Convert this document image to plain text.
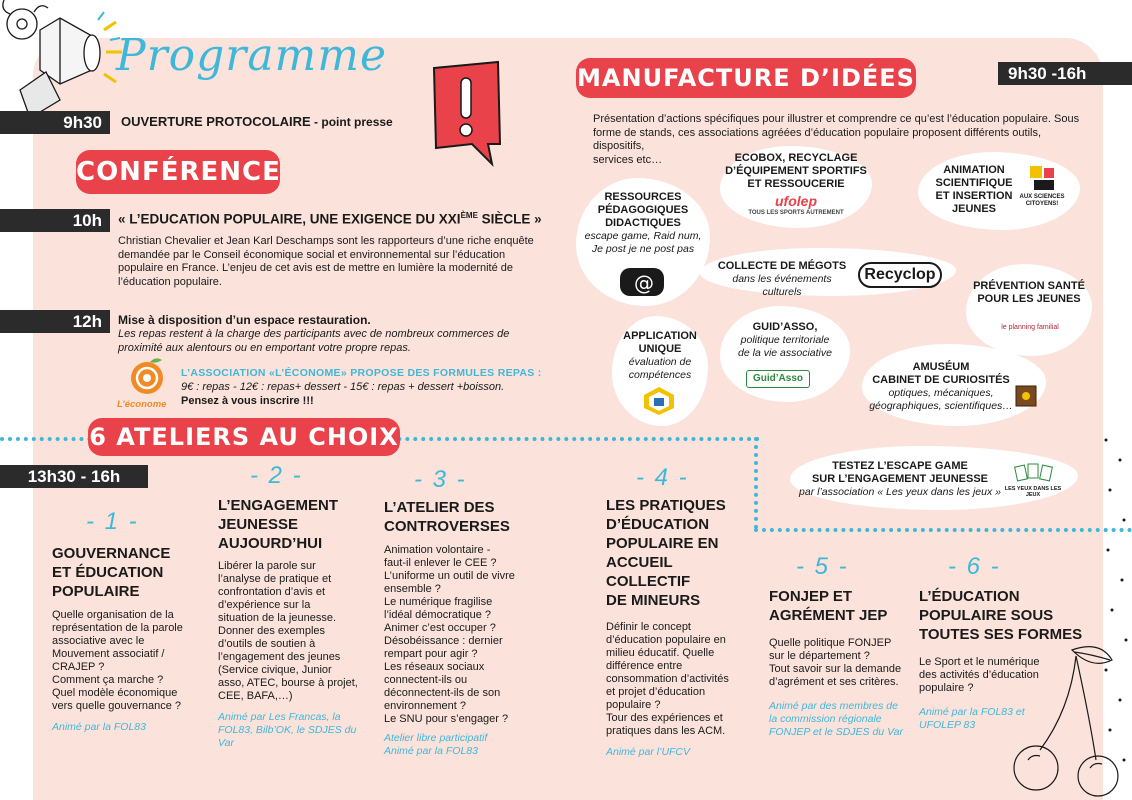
Programme
9h30	OUVERTURE PROTOCOLAIRE - point presse
CONFÉRENCE
10h	« L’EDUCATION POPULAIRE, UNE EXIGENCE DU XXIÈME SIÈCLE »
Christian Chevalier et Jean Karl Deschamps sont les rapporteurs d’une riche enquête
demandée par le Conseil économique social et environnemental sur l’éducation
populaire en France. L’enjeu de cet avis est de mettre en lumière la modernité de
l’éducation populaire.
12h	Mise à disposition d’un espace restauration.
Les repas restent à la charge des participants avec de nombreux commerces de
proximité aux alentours ou en emportant votre propre repas.
L’économe
L’ASSOCIATION «L’ÉCONOME» PROPOSE DES FORMULES REPAS :
9€ : repas - 12€ : repas+ dessert - 15€ : repas + dessert +boisson.
Pensez à vous inscrire !!!
MANUFACTURE D’IDÉES	9h30 -16h
Présentation d’actions spécifiques pour illustrer et comprendre ce qu’est l’éducation populaire. Sous
forme de stands, ces associations agréées d’éducation populaire proposent différents outils, dispositifs,
services etc…	ECOBOX, RECYCLAGE
D’ÉQUIPEMENT SPORTIFS
ET RESSOUCERIE
ufolep
TOUS LES SPORTS AUTREMENT
ANIMATION
SCIENTIFIQUE
ET INSERTION
JEUNES
AUX SCIENCES CITOYENS!
RESSOURCES
PÉDAGOGIQUES
DIDACTIQUES
escape game, Raid num,
Je post je ne post pas
@
COLLECTE DE MÉGOTS
dans les événements culturels
Recyclop
PRÉVENTION SANTÉ
POUR LES JEUNES
le planning familial
APPLICATION
UNIQUE
évaluation de
compétences
GUID’ASSO,
politique territoriale
de la vie associative
Guid’Asso
AMUSÉUM
CABINET DE CURIOSITÉS
optiques, mécaniques,
géographiques, scientifiques…
TESTEZ L’ESCAPE GAME
SUR L’ENGAGEMENT JEUNESSE
par l’association « Les yeux dans les jeux » LES YEUX DANS LES JEUX
6 ATELIERS AU CHOIX
13h30 - 16h
- 1 -
GOUVERNANCE
ET ÉDUCATION
POPULAIRE
Quelle organisation de la
représentation de la parole
associative avec le
Mouvement associatif /
CRAJEP ?
Comment ça marche ?
Quel modèle économique
vers quelle gouvernance ?
Animé par la FOL83
- 2 -
L’ENGAGEMENT
JEUNESSE
AUJOURD’HUI
Libérer la parole sur
l’analyse de pratique et
confrontation d’avis et
d’expérience sur la
situation de la jeunesse.
Donner des exemples
d’outils de soutien à
l’engagement des jeunes
(Service civique, Junior
asso, ATEC, bourse à projet,
CEE, BAFA,…)
Animé par Les Francas, la
FOL83, Bilb’OK, le SDJES du
Var
- 3 -
L’ATELIER DES
CONTROVERSES
Animation volontaire -
faut-il enlever le CEE ?
L’uniforme un outil de vivre
ensemble ?
Le numérique fragilise
l’idéal démocratique ?
Animer c’est occuper ?
Désobéissance : dernier
rempart pour agir ?
Les réseaux sociaux
connectent-ils ou
déconnectent-ils de son
environnement ?
Le SNU pour s’engager ?
Atelier libre participatif
Animé par la FOL83
- 4 -
LES PRATIQUES
D’ÉDUCATION
POPULAIRE EN
ACCUEIL
COLLECTIF
DE MINEURS
Définir le concept
d’éducation populaire en
milieu éducatif. Quelle
différence entre
consommation d’activités
et projet d’éducation
populaire ?
Tour des expériences et
pratiques dans les ACM.
Animé par l’UFCV
- 5 -
FONJEP ET
AGRÉMENT JEP
Quelle politique FONJEP
sur le département ?
Tout savoir sur la demande
d’agrément et ses critères.
Animé par des membres de
la commission régionale
FONJEP et le SDJES du Var
- 6 -
L’ÉDUCATION
POPULAIRE SOUS
TOUTES SES FORMES
Le Sport et le numérique
des activités d’éducation
populaire ?
Animé par la FOL83 et
UFOLEP 83
